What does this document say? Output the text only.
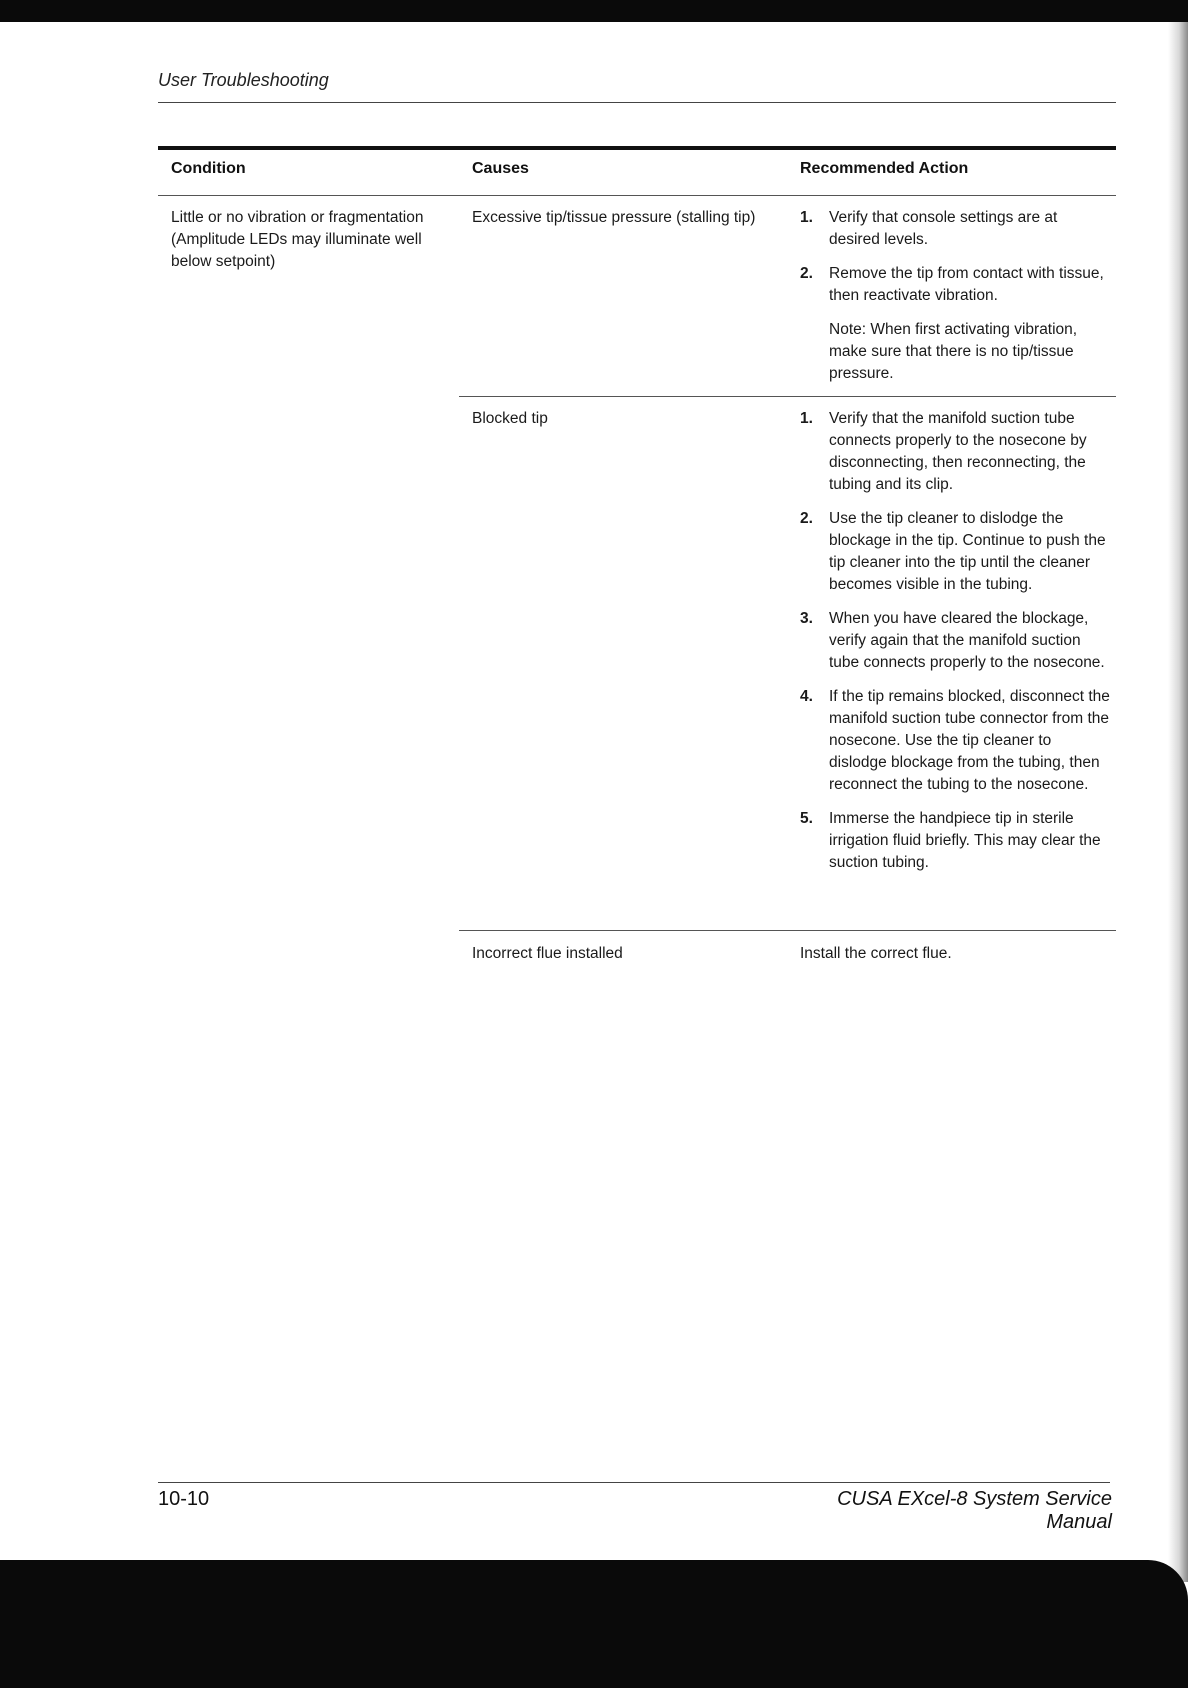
User Troubleshooting
Condition	Causes	Recommended Action
Little or no vibration or fragmentation (Amplitude LEDs may illuminate well below setpoint)
Excessive tip/tissue pressure (stalling tip)	1. Verify that console settings are at desired levels.
2. Remove the tip from contact with tissue, then reactivate vibration.
Note: When first activating vibration, make sure that there is no tip/tissue pressure.
Blocked tip	1. Verify that the manifold suction tube connects properly to the nosecone by disconnecting, then reconnecting, the tubing and its clip.
2. Use the tip cleaner to dislodge the blockage in the tip. Continue to push the tip cleaner into the tip until the cleaner becomes visible in the tubing.
3. When you have cleared the blockage, verify again that the manifold suction tube connects properly to the nosecone.
4. If the tip remains blocked, disconnect the manifold suction tube connector from the nosecone. Use the tip cleaner to dislodge blockage from the tubing, then reconnect the tubing to the nosecone.
5. Immerse the handpiece tip in sterile irrigation fluid briefly. This may clear the suction tubing.
Incorrect flue installed	Install the correct flue.
10-10	CUSA EXcel-8 System Service Manual
